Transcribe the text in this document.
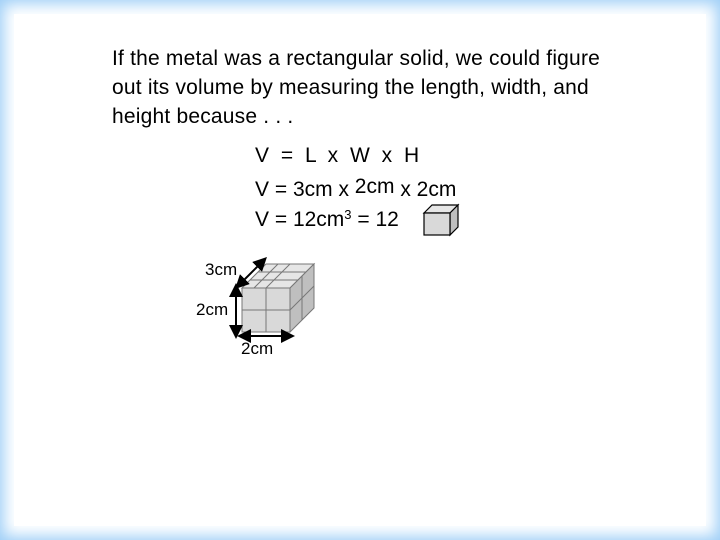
If the metal was a rectangular solid, we could figure out its volume by measuring the length, width, and height because . . .
V = L x W x H
V = 3cm x 2cm x 2cm
$V = 12cm^3 = 12$
3cm
2cm
2cm
